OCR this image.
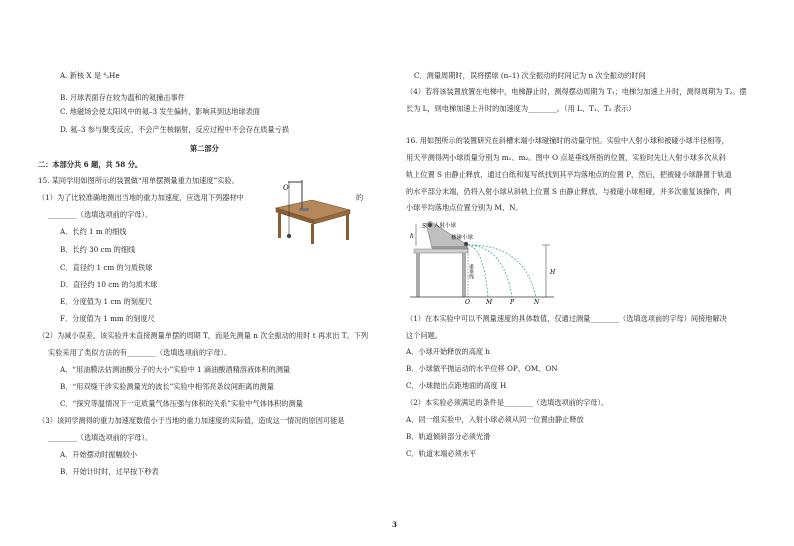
A. 新核 X 是 ⁴₂He
B. 月球表面存在较为温和的氦撞击事件
C. 地磁场会使太阳风中的氦–3 发生偏转，影响其到达地球表面
D. 氦–3 参与聚变反应，不会产生核辐射，反应过程中不会存在质量亏损
第二部分
二：本部分共 6 题，共 58 分。
15. 某同学用如图所示的装置做“用单摆测量重力加速度”实验。
（1）为了比较准确地测出当地的重力加速度，应选用下列器材中	的
________（选填选项前的字母）。
A．长约 1 m 的细线
B．长约 30 cm 的细线
C．直径约 1 cm 的匀质铁球
D．直径约 10 cm 的匀质木球
E．分度值为 1 cm 的刻度尺
F．分度值为 1 mm 的刻度尺
（2）为减小误差，该实验并未直接测量单摆的周期 T，而是先测量 n 次全振动的用时 t 再求出 T。下列
实验采用了类似方法的有________（选填选项前的字母）。
A．“用油膜法估测油酸分子的大小”实验中 1 滴油酸酒精溶液体积的测量
B．“用双缝干涉实验测量光的波长”实验中相邻亮条纹间距离的测量
C．“探究等温情况下一定质量气体压强与体积的关系”实验中气体体积的测量
（3）该同学测得的重力加速度数值小于当地的重力加速度的实际值，造成这一情况的原因可能是
________（选填选项前的字母）。
A．开始摆动时振幅较小
B．开始计时时，过早按下秒表
O
C．测量周期时，误将摆球 (n–1) 次全振动的时间记为 n 次全振动的时间
（4）若将该装置放置在电梯中，电梯静止时，测得摆动周期为 T₁；电梯匀加速上升时，测得周期为 T₂。摆
长为 L，则电梯加速上升时的加速度为________。（用 L、T₁、T₂ 表示）
16. 用如图所示的装置研究在斜槽末端小球碰撞时的动量守恒。实验中入射小球和被碰小球半径相等，
用天平测得两小球质量分别为 m₁、m₂。图中 O 点是垂线所指的位置，实验时先让入射小球多次从斜
轨上位置 S 由静止释放，通过白纸和复写纸找到其平均落地点的位置 P，然后，把被碰小球静置于轨道
的水平部分末端，仍将入射小球从斜轨上位置 S 由静止释放，与被碰小球相碰，并多次重复该操作，两
小球平均落地点位置分别为 M、N。
S 入射小球
被碰小球
h
H
重垂线
O	M	P	N
（1）在本实验中可以不测量速度的具体数值，仅通过测量________（选填选项前的字母）间接地解决
这个问题。
A．小球开始释放的高度 h
B．小球做平抛运动的水平位移 OP、OM、ON
C．小球抛出点距地面的高度 H
（2）本实验必须满足的条件是________（选填选项前的字母）。
A．同一组实验中，入射小球必须从同一位置由静止释放
B．轨道倾斜部分必须光滑
C．轨道末端必须水平
3
